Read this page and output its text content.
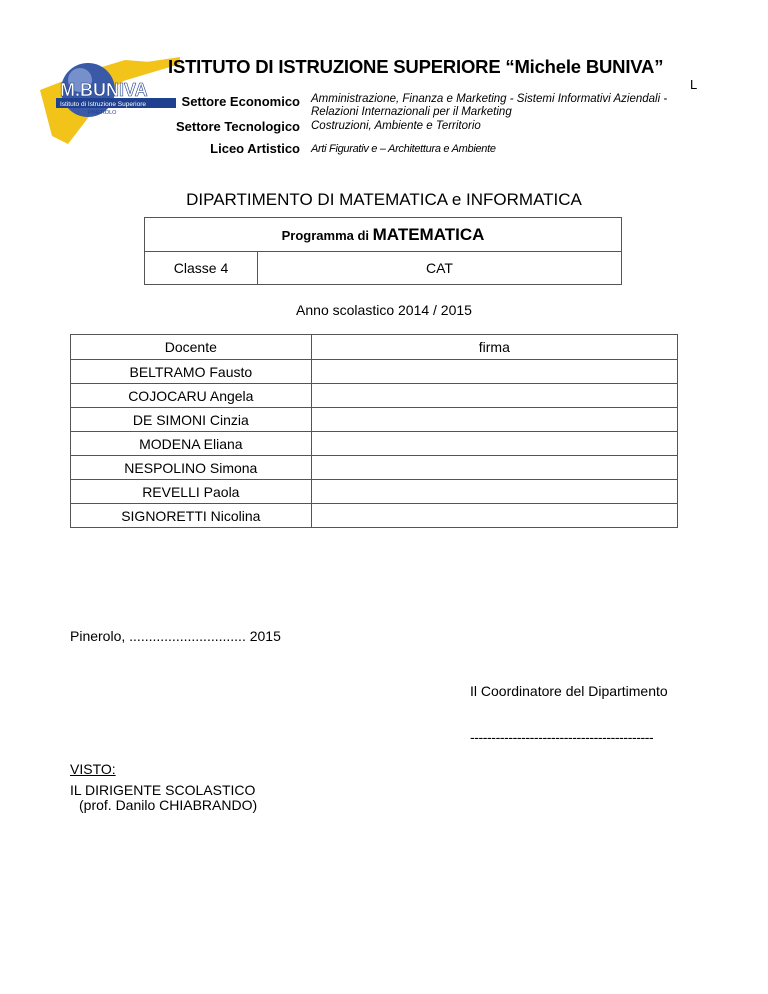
M.BUNIVA
Istituto di Istruzione Superiore
PINEROLO
ISTITUTO DI ISTRUZIONE SUPERIORE “Michele BUNIVA”
L
Settore Economico Amministrazione, Finanza e Marketing - Sistemi Informativi Aziendali -
Relazioni Internazionali per il Marketing
Settore Tecnologico Costruzioni, Ambiente e Territorio
Liceo Artistico Arti Figurativ e – Architettura e Ambiente
DIPARTIMENTO DI MATEMATICA e INFORMATICA
Programma di MATEMATICA
Classe 4	CAT
Anno scolastico 2014 / 2015
Docente	firma
BELTRAMO Fausto	
COJOCARU Angela	
DE SIMONI Cinzia	
MODENA Eliana	
NESPOLINO Simona	
REVELLI Paola	
SIGNORETTI Nicolina	
Pinerolo, .............................. 2015
Il Coordinatore del Dipartimento
-------------------------------------------
VISTO:
IL DIRIGENTE SCOLASTICO
(prof. Danilo CHIABRANDO)
